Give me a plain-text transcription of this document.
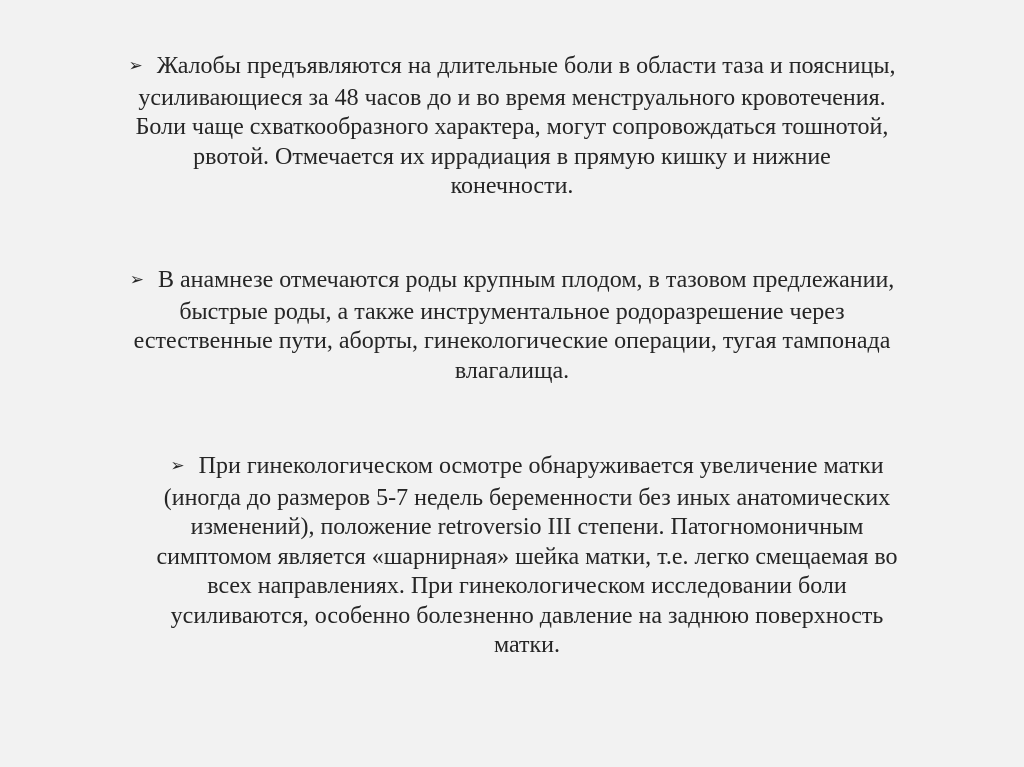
➢ Жалобы предъявляются на длительные боли в области таза и поясницы,
усиливающиеся за 48 часов до и во время менструального кровотечения.
Боли чаще схваткообразного характера, могут сопровождаться тошнотой,
рвотой. Отмечается их иррадиация в прямую кишку и нижние
конечности.

➢ В анамнезе отмечаются роды крупным плодом, в тазовом предлежании,
быстрые роды, а также инструментальное родоразрешение через
естественные пути, аборты, гинекологические операции, тугая тампонада
влагалища.

➢ При гинекологическом осмотре обнаруживается увеличение матки
(иногда до размеров 5-7 недель беременности без иных анатомических
изменений), положение retroversio III степени. Патогномоничным
симптомом является «шарнирная» шейка матки, т.е. легко смещаемая во
всех направлениях. При гинекологическом исследовании боли
усиливаются, особенно болезненно давление на заднюю поверхность
матки.
